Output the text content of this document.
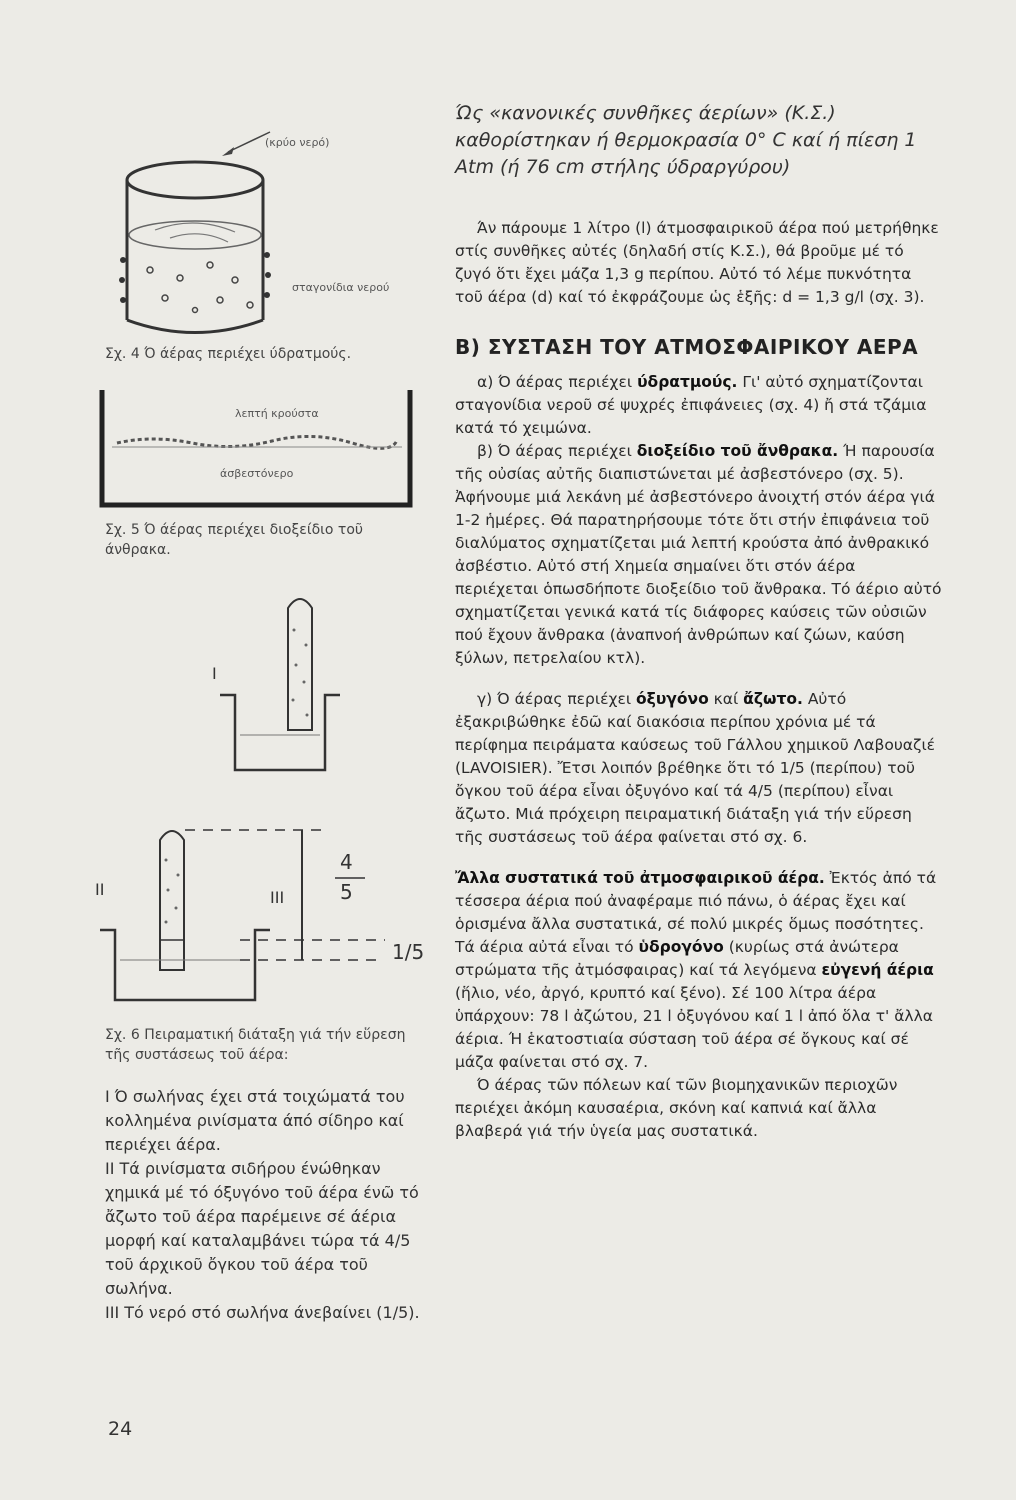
(κρύο νερό)
σταγονίδια νερού
Σχ. 4 Ό άέρας περιέχει ύδρατμούς.
λεπτή κρούστα
άσβεστόνερο
Σχ. 5 Ό άέρας περιέχει διοξείδιο τοῦ άνθρακα.
I
II	III
4
5
1/5
Σχ. 6 Πειραματική διάταξη γιά τήν εὕρεση τῆς συστάσεως τοῦ άέρα:

Ι Ό σωλήνας έχει στά τοιχώματά του κολλημένα ρινίσματα άπό σίδηρο καί περιέχει άέρα.

ΙΙ Τά ρινίσματα σιδήρου ένώθηκαν χημικά μέ τό όξυγόνο τοῦ άέρα ένῶ τό ἄζωτο τοῦ άέρα παρέμεινε σέ άέρια μορφή καί καταλαμβάνει τώρα τά 4/5 τοῦ άρχικοῦ ὄγκου τοῦ άέρα τοῦ σωλήνα.

ΙΙΙ Τό νερό στό σωλήνα άνεβαίνει (1/5).

Ώς «κανονικές συνθῆκες άερίων» (Κ.Σ.) καθορίστηκαν ή θερμοκρασία 0° C καί ή πίεση 1 Atm (ή 76 cm στήλης ύδραργύρου)

Άν πάρουμε 1 λίτρο (l) άτμοσφαιρικοῦ άέρα πού μετρήθηκε στίς συνθῆκες αὐτές (δηλαδή στίς Κ.Σ.), θά βροῦμε μέ τό ζυγό ὅτι ἔχει μάζα 1,3 g περίπου. Αὐτό τό λέμε πυκνότητα τοῦ άέρα (d) καί τό ἐκφράζουμε ὡς ἑξῆς: d = 1,3 g/l (σχ. 3).

Β) ΣΥΣΤΑΣΗ ΤΟΥ ΑΤΜΟΣΦΑΙΡΙΚΟΥ ΑΕΡΑ

α) Ό άέρας περιέχει ύδρατμούς. Γι' αὐτό σχηματίζονται σταγονίδια νεροῦ σέ ψυχρές ἐπιφάνειες (σχ. 4) ἤ στά τζάμια κατά τό χειμώνα.

β) Ό άέρας περιέχει διοξείδιο τοῦ ἄνθρακα. Ή παρουσία τῆς οὐσίας αὐτῆς διαπιστώνεται μέ ἀσβεστόνερο (σχ. 5). Ἀφήνουμε μιά λεκάνη μέ ἀσβεστόνερο ἀνοιχτή στόν άέρα γιά 1-2 ἡμέρες. Θά παρατηρήσουμε τότε ὅτι στήν ἐπιφάνεια τοῦ διαλύματος σχηματίζεται μιά λεπτή κρούστα ἀπό ἀνθρακικό ἀσβέστιο. Αὐτό στή Χημεία σημαίνει ὅτι στόν άέρα περιέχεται ὁπωσδήποτε διοξείδιο τοῦ ἄνθρακα. Τό άέριο αὐτό σχηματίζεται γενικά κατά τίς διάφορες καύσεις τῶν οὐσιῶν πού ἔχουν ἄνθρακα (ἀναπνοή ἀνθρώπων καί ζώων, καύση ξύλων, πετρελαίου κτλ).

γ) Ό άέρας περιέχει όξυγόνο καί ἄζωτο. Αὐτό ἐξακριβώθηκε ἐδῶ καί διακόσια περίπου χρόνια μέ τά περίφημα πειράματα καύσεως τοῦ Γάλλου χημικοῦ Λαβουαζιέ (LAVOISIER). Ἔτσι λοιπόν βρέθηκε ὅτι τό 1/5 (περίπου) τοῦ ὄγκου τοῦ άέρα εἶναι ὀξυγόνο καί τά 4/5 (περίπου) εἶναι ἄζωτο. Μιά πρόχειρη πειραματική διάταξη γιά τήν εὕρεση τῆς συστάσεως τοῦ άέρα φαίνεται στό σχ. 6.

Ἄλλα συστατικά τοῦ ἀτμοσφαιρικοῦ άέρα. Ἐκτός ἀπό τά τέσσερα άέρια πού ἀναφέραμε πιό πάνω, ὁ άέρας ἔχει καί ὁρισμένα ἄλλα συστατικά, σέ πολύ μικρές ὅμως ποσότητες. Τά άέρια αὐτά εἶναι τό ὑδρογόνο (κυρίως στά ἀνώτερα στρώματα τῆς ἀτμόσφαιρας) καί τά λεγόμενα εὐγενή άέρια (ἥλιο, νέο, ἀργό, κρυπτό καί ξένο). Σέ 100 λίτρα άέρα ὑπάρχουν: 78 l ἀζώτου, 21 l ὀξυγόνου καί 1 l ἀπό ὅλα τ' ἄλλα άέρια. Ή ἑκατοστιαία σύσταση τοῦ άέρα σέ ὄγκους καί σέ μάζα φαίνεται στό σχ. 7.

Ό άέρας τῶν πόλεων καί τῶν βιομηχανικῶν περιοχῶν περιέχει ἀκόμη καυσαέρια, σκόνη καί καπνιά καί ἄλλα βλαβερά γιά τήν ὑγεία μας συστατικά.

24
